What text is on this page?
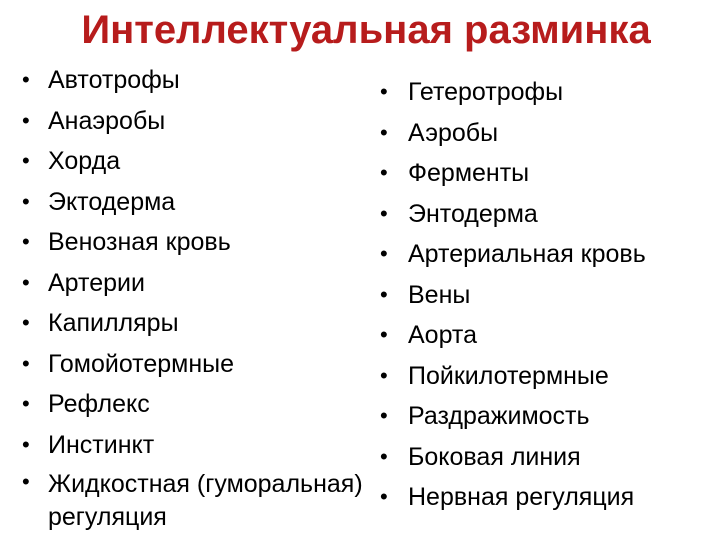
Интеллектуальная разминка
• Автотрофы
• Анаэробы
• Хорда
• Эктодерма
• Венозная кровь
• Артерии
• Капилляры
• Гомойотермные
• Рефлекс
• Инстинкт
• Жидкостная (гуморальная) регуляция
• Гетеротрофы
• Аэробы
• Ферменты
• Энтодерма
• Артериальная кровь
• Вены
• Аорта
• Пойкилотермные
• Раздражимость
• Боковая линия
• Нервная регуляция
